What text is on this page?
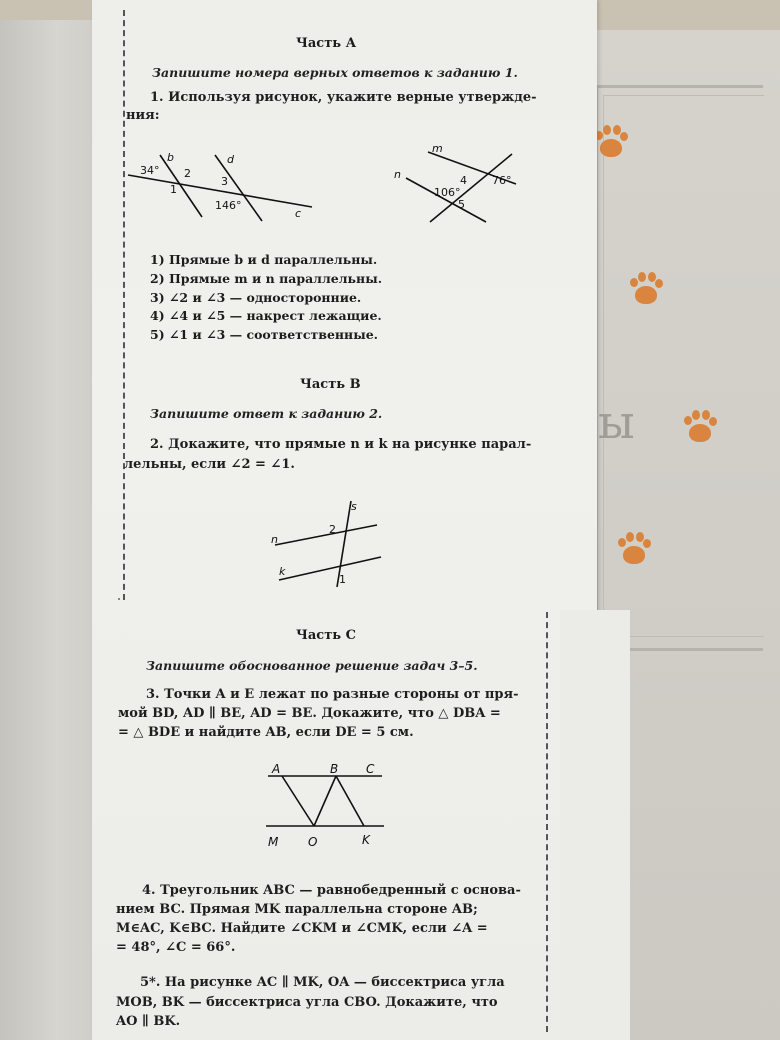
ы
Часть А
Запишите номера верных ответов к заданию 1.
1. Используя рисунок, укажите верные утвержде-
ния:
34°
b	d
2
1
3
146°
c
m
n	4 76°
106°
5
1) Прямые b и d параллельны.
2) Прямые m и n параллельны.
3) ∠2 и ∠3 — односторонние.
4) ∠4 и ∠5 — накрест лежащие.
5) ∠1 и ∠3 — соответственные.
Часть В
Запишите ответ к заданию 2.
2. Докажите, что прямые n и k на рисунке парал-
лельны, если ∠2 = ∠1.
s
2
n
k
1
Часть С
Запишите обоснованное решение задач 3–5.
3. Точки A и E лежат по разные стороны от пря-
мой BD, AD ∥ BE, AD = BE. Докажите, что △ DBA =
= △ BDE и найдите AB, если DE = 5 см.
A	B C
M O	K
4. Треугольник ABC — равнобедренный с основа-
нием BC. Прямая MK параллельна стороне AB;
M∈AC, K∈BC. Найдите ∠CKM и ∠CMK, если ∠A =
= 48°, ∠C = 66°.
5*. На рисунке AC ∥ MK, OA — биссектриса угла
MOB, BK — биссектриса угла CBO. Докажите, что
AO ∥ BK.
